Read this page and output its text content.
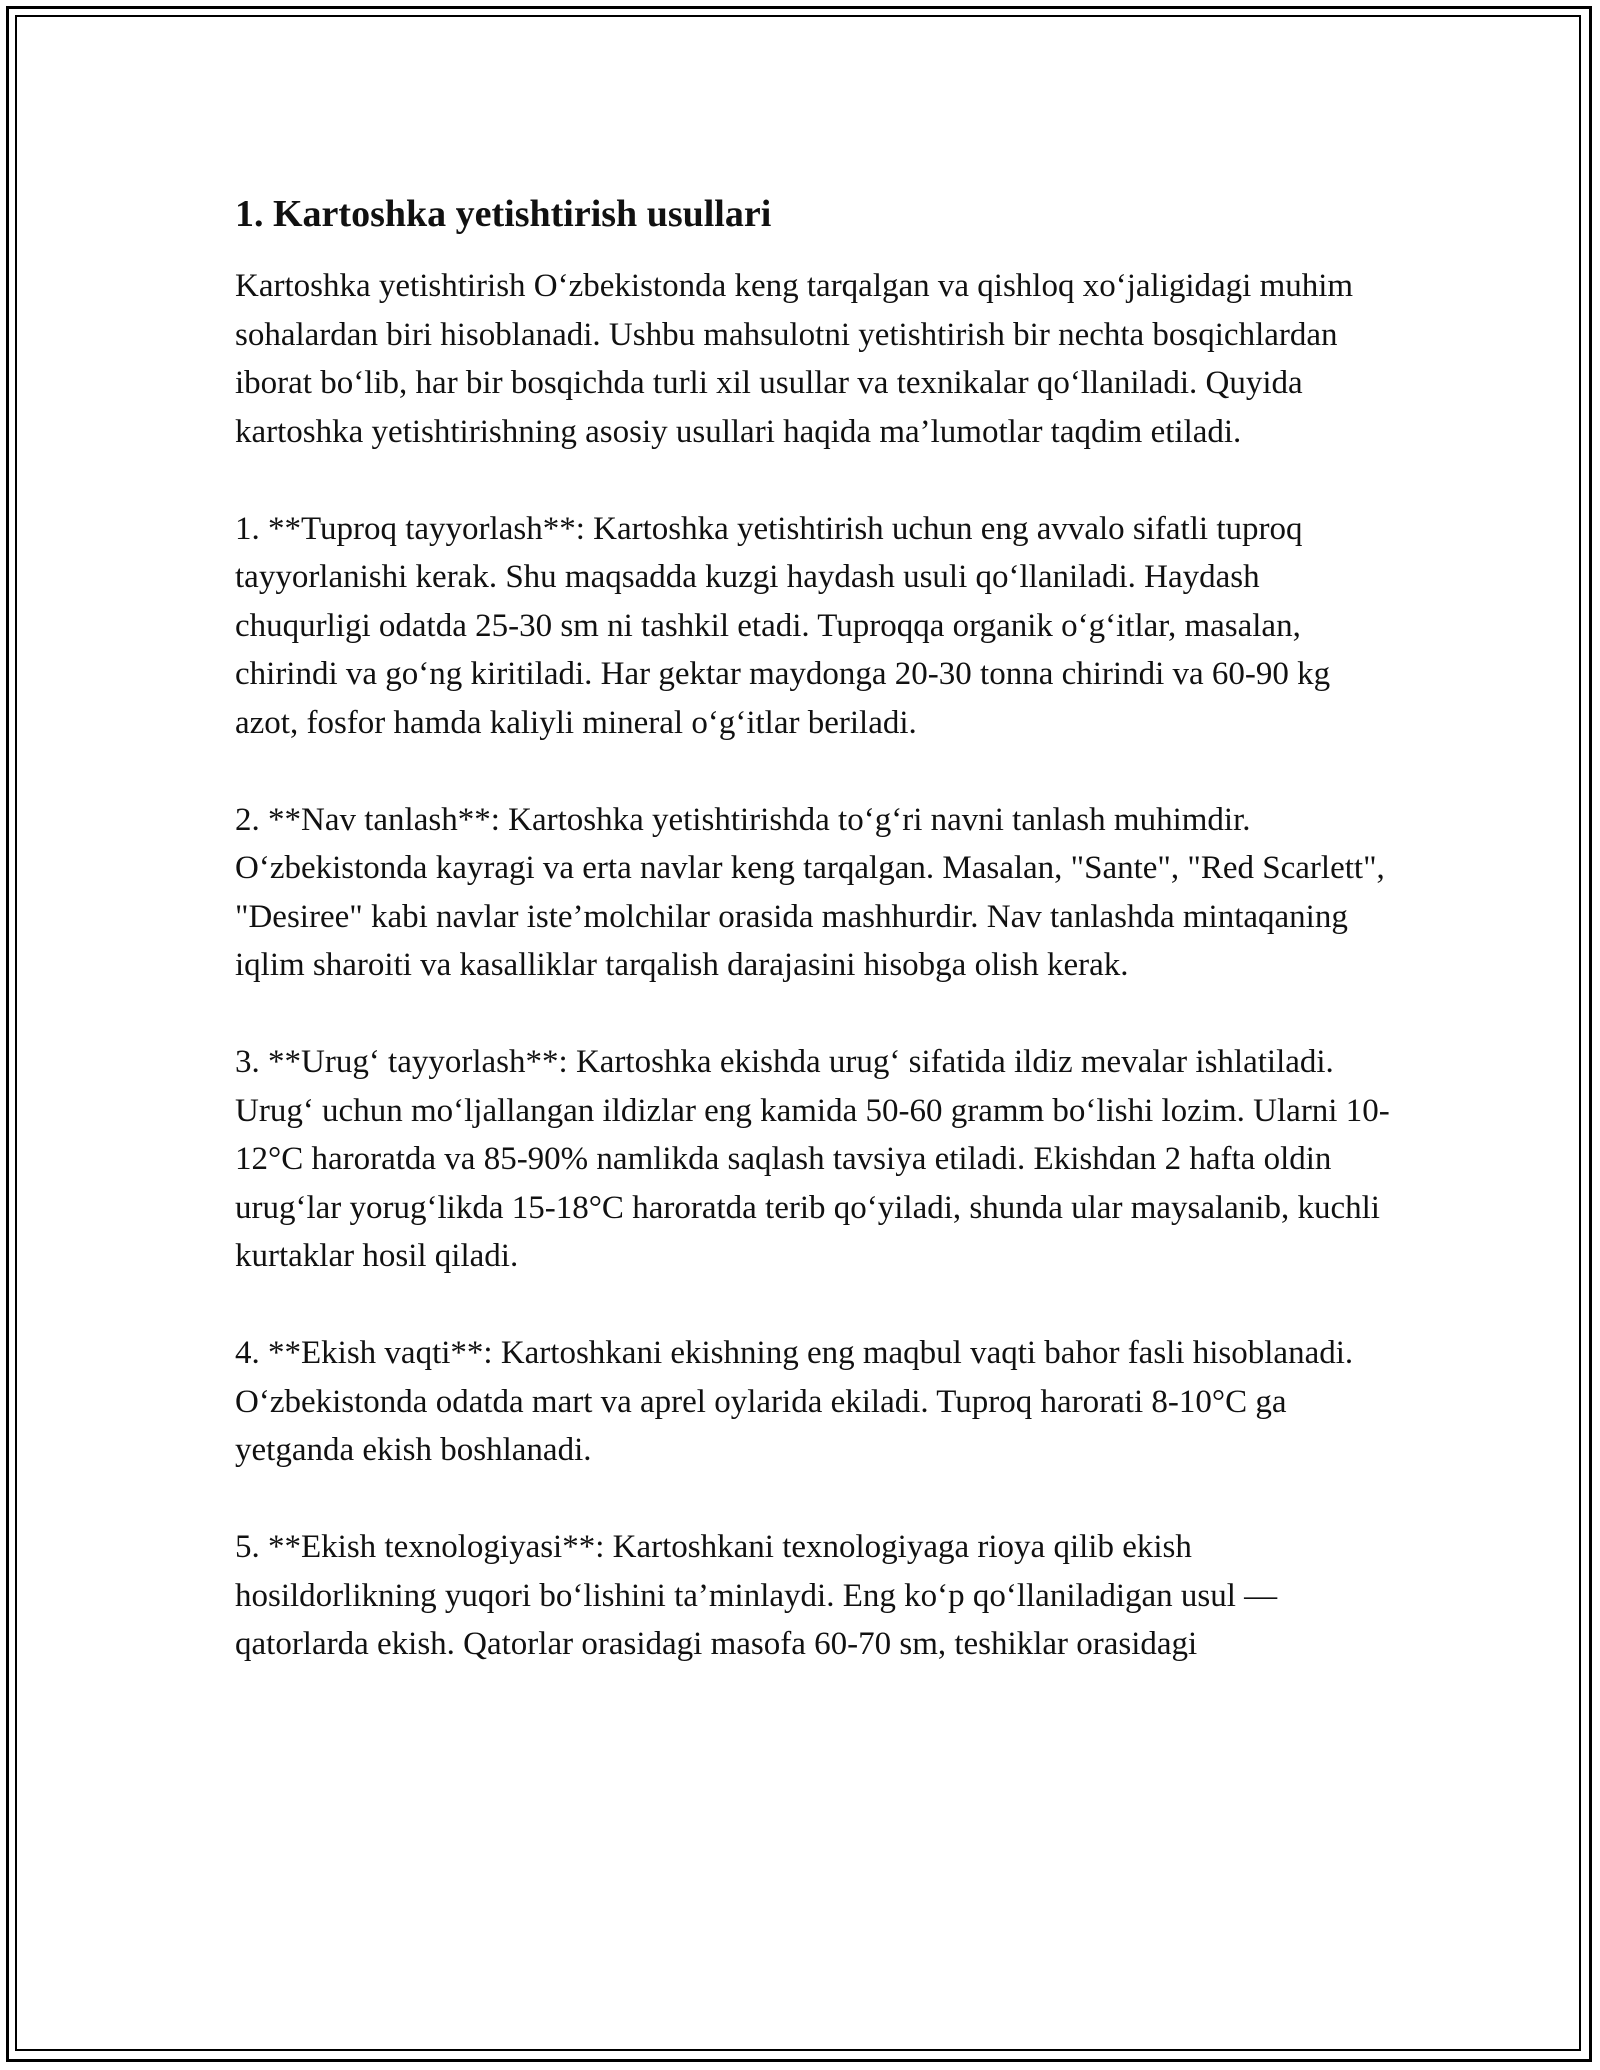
1. Kartoshka yetishtirish usullari

Kartoshka yetishtirish O‘zbekistonda keng tarqalgan va qishloq xo‘jaligidagi muhim sohalardan biri hisoblanadi. Ushbu mahsulotni yetishtirish bir nechta bosqichlardan iborat bo‘lib, har bir bosqichda turli xil usullar va texnikalar qo‘llaniladi. Quyida kartoshka yetishtirishning asosiy usullari haqida ma’lumotlar taqdim etiladi.

1. **Tuproq tayyorlash**: Kartoshka yetishtirish uchun eng avvalo sifatli tuproq tayyorlanishi kerak. Shu maqsadda kuzgi haydash usuli qo‘llaniladi. Haydash chuqurligi odatda 25-30 sm ni tashkil etadi. Tuproqqa organik o‘g‘itlar, masalan, chirindi va go‘ng kiritiladi. Har gektar maydonga 20-30 tonna chirindi va 60-90 kg azot, fosfor hamda kaliyli mineral o‘g‘itlar beriladi.

2. **Nav tanlash**: Kartoshka yetishtirishda to‘g‘ri navni tanlash muhimdir. O‘zbekistonda kayragi va erta navlar keng tarqalgan. Masalan, "Sante", "Red Scarlett", "Desiree" kabi navlar iste’molchilar orasida mashhurdir. Nav tanlashda mintaqaning iqlim sharoiti va kasalliklar tarqalish darajasini hisobga olish kerak.

3. **Urug‘ tayyorlash**: Kartoshka ekishda urug‘ sifatida ildiz mevalar ishlatiladi. Urug‘ uchun mo‘ljallangan ildizlar eng kamida 50-60 gramm bo‘lishi lozim. Ularni 10-12°C haroratda va 85-90% namlikda saqlash tavsiya etiladi. Ekishdan 2 hafta oldin urug‘lar yorug‘likda 15-18°C haroratda terib qo‘yiladi, shunda ular maysalanib, kuchli kurtaklar hosil qiladi.

4. **Ekish vaqti**: Kartoshkani ekishning eng maqbul vaqti bahor fasli hisoblanadi. O‘zbekistonda odatda mart va aprel oylarida ekiladi. Tuproq harorati 8-10°C ga yetganda ekish boshlanadi.

5. **Ekish texnologiyasi**: Kartoshkani texnologiyaga rioya qilib ekish hosildorlikning yuqori bo‘lishini ta’minlaydi. Eng ko‘p qo‘llaniladigan usul — qatorlarda ekish. Qatorlar orasidagi masofa 60-70 sm, teshiklar orasidagi
